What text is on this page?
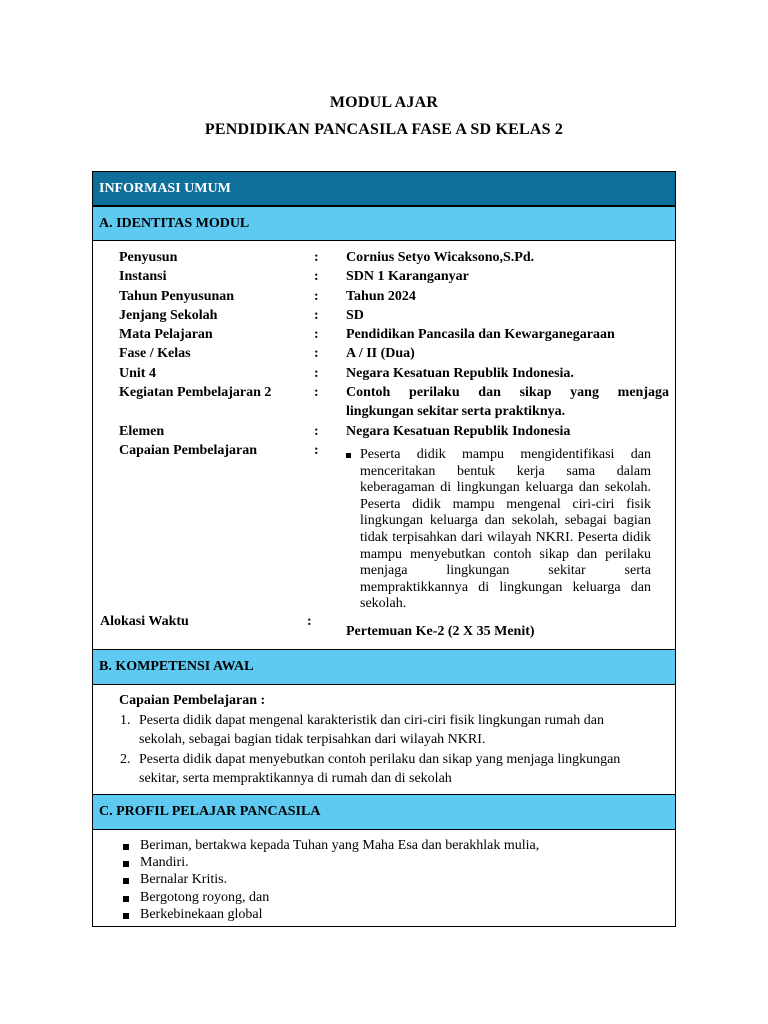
MODUL AJAR
PENDIDIKAN PANCASILA FASE A SD KELAS 2
INFORMASI UMUM
A. IDENTITAS MODUL
Penyusun
Instansi
Tahun Penyusunan
Jenjang Sekolah
Mata Pelajaran
Fase / Kelas
Unit 4
Kegiatan Pembelajaran 2
Elemen
Capaian Pembelajaran
:
:
:
:
:
:
:
:
:
:
Cornius Setyo Wicaksono,S.Pd.
SDN 1 Karanganyar
Tahun 2024
SD
Pendidikan Pancasila dan Kewarganegaraan
A / II (Dua)
Negara Kesatuan Republik Indonesia.
Contoh perilaku dan sikap yang menjaga
lingkungan sekitar serta praktiknya.
Negara Kesatuan Republik Indonesia
Peserta didik mampu mengidentifikasi dan menceritakan bentuk kerja sama dalam keberagaman di lingkungan keluarga dan sekolah. Peserta didik mampu mengenal ciri-ciri fisik lingkungan keluarga dan sekolah, sebagai bagian tidak terpisahkan dari wilayah NKRI. Peserta didik mampu menyebutkan contoh sikap dan perilaku menjaga lingkungan sekitar serta mempraktikkannya di lingkungan keluarga dan sekolah.
Alokasi Waktu	:
Pertemuan Ke-2 (2 X 35 Menit)
B. KOMPETENSI AWAL
Capaian Pembelajaran :
1. Peserta didik dapat mengenal karakteristik dan ciri-ciri fisik lingkungan rumah dan sekolah, sebagai bagian tidak terpisahkan dari wilayah NKRI.
2. Peserta didik dapat menyebutkan contoh perilaku dan sikap yang menjaga lingkungan sekitar, serta mempraktikannya di rumah dan di sekolah
C. PROFIL PELAJAR PANCASILA
Beriman, bertakwa kepada Tuhan yang Maha Esa dan berakhlak mulia,
Mandiri.
Bernalar Kritis.
Bergotong royong, dan
Berkebinekaan global
